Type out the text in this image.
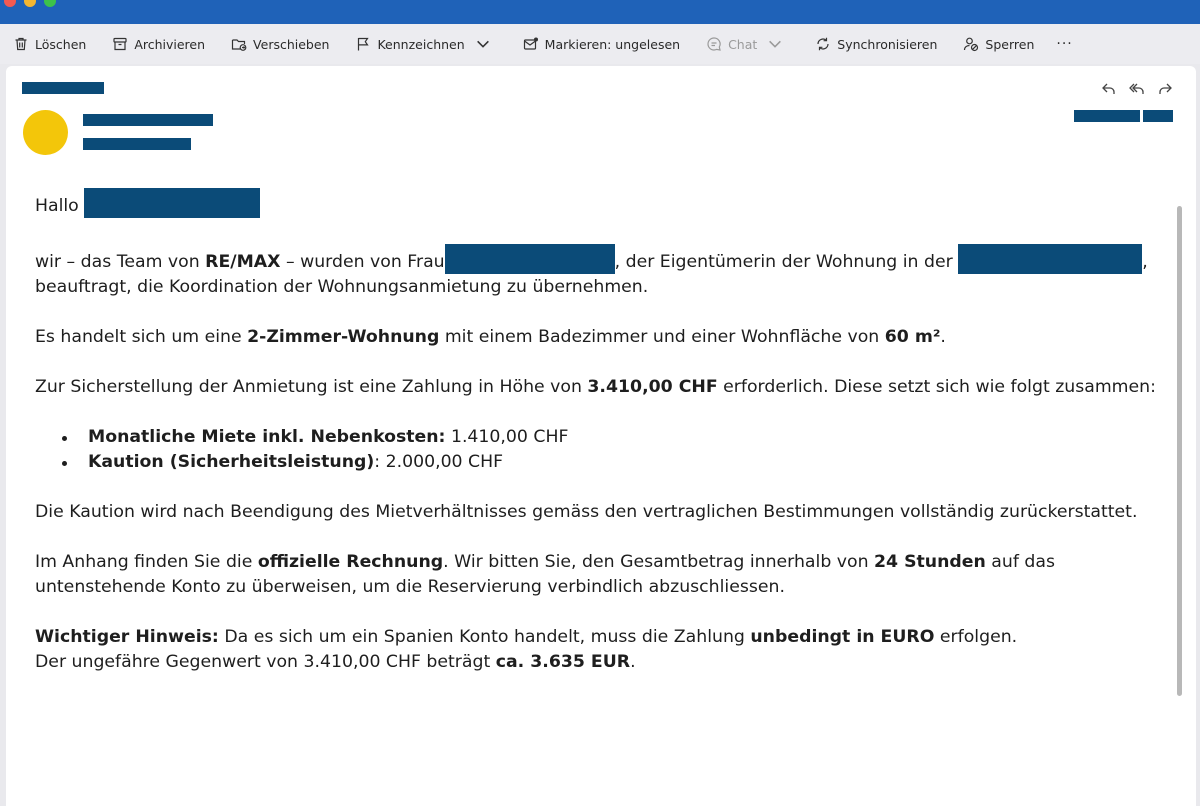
Löschen	Archivieren	Verschieben	Kennzeichnen	Markieren: ungelesen	Chat	Synchronisieren	Sperren ···

Hallo

wir – das Team von RE/MAX – wurden von Frau	, der Eigentümerin der Wohnung in der	,
beauftragt, die Koordination der Wohnungsanmietung zu übernehmen.

Es handelt sich um eine 2-Zimmer-Wohnung mit einem Badezimmer und einer Wohnfläche von 60 m².

Zur Sicherstellung der Anmietung ist eine Zahlung in Höhe von 3.410,00 CHF erforderlich. Diese setzt sich wie folgt zusammen:

Monatliche Miete inkl. Nebenkosten: 1.410,00 CHF
Kaution (Sicherheitsleistung): 2.000,00 CHF

Die Kaution wird nach Beendigung des Mietverhältnisses gemäss den vertraglichen Bestimmungen vollständig zurückerstattet.

Im Anhang finden Sie die offizielle Rechnung. Wir bitten Sie, den Gesamtbetrag innerhalb von 24 Stunden auf das
untenstehende Konto zu überweisen, um die Reservierung verbindlich abzuschliessen.

Wichtiger Hinweis: Da es sich um ein Spanien Konto handelt, muss die Zahlung unbedingt in EURO erfolgen.
Der ungefähre Gegenwert von 3.410,00 CHF beträgt ca. 3.635 EUR.
